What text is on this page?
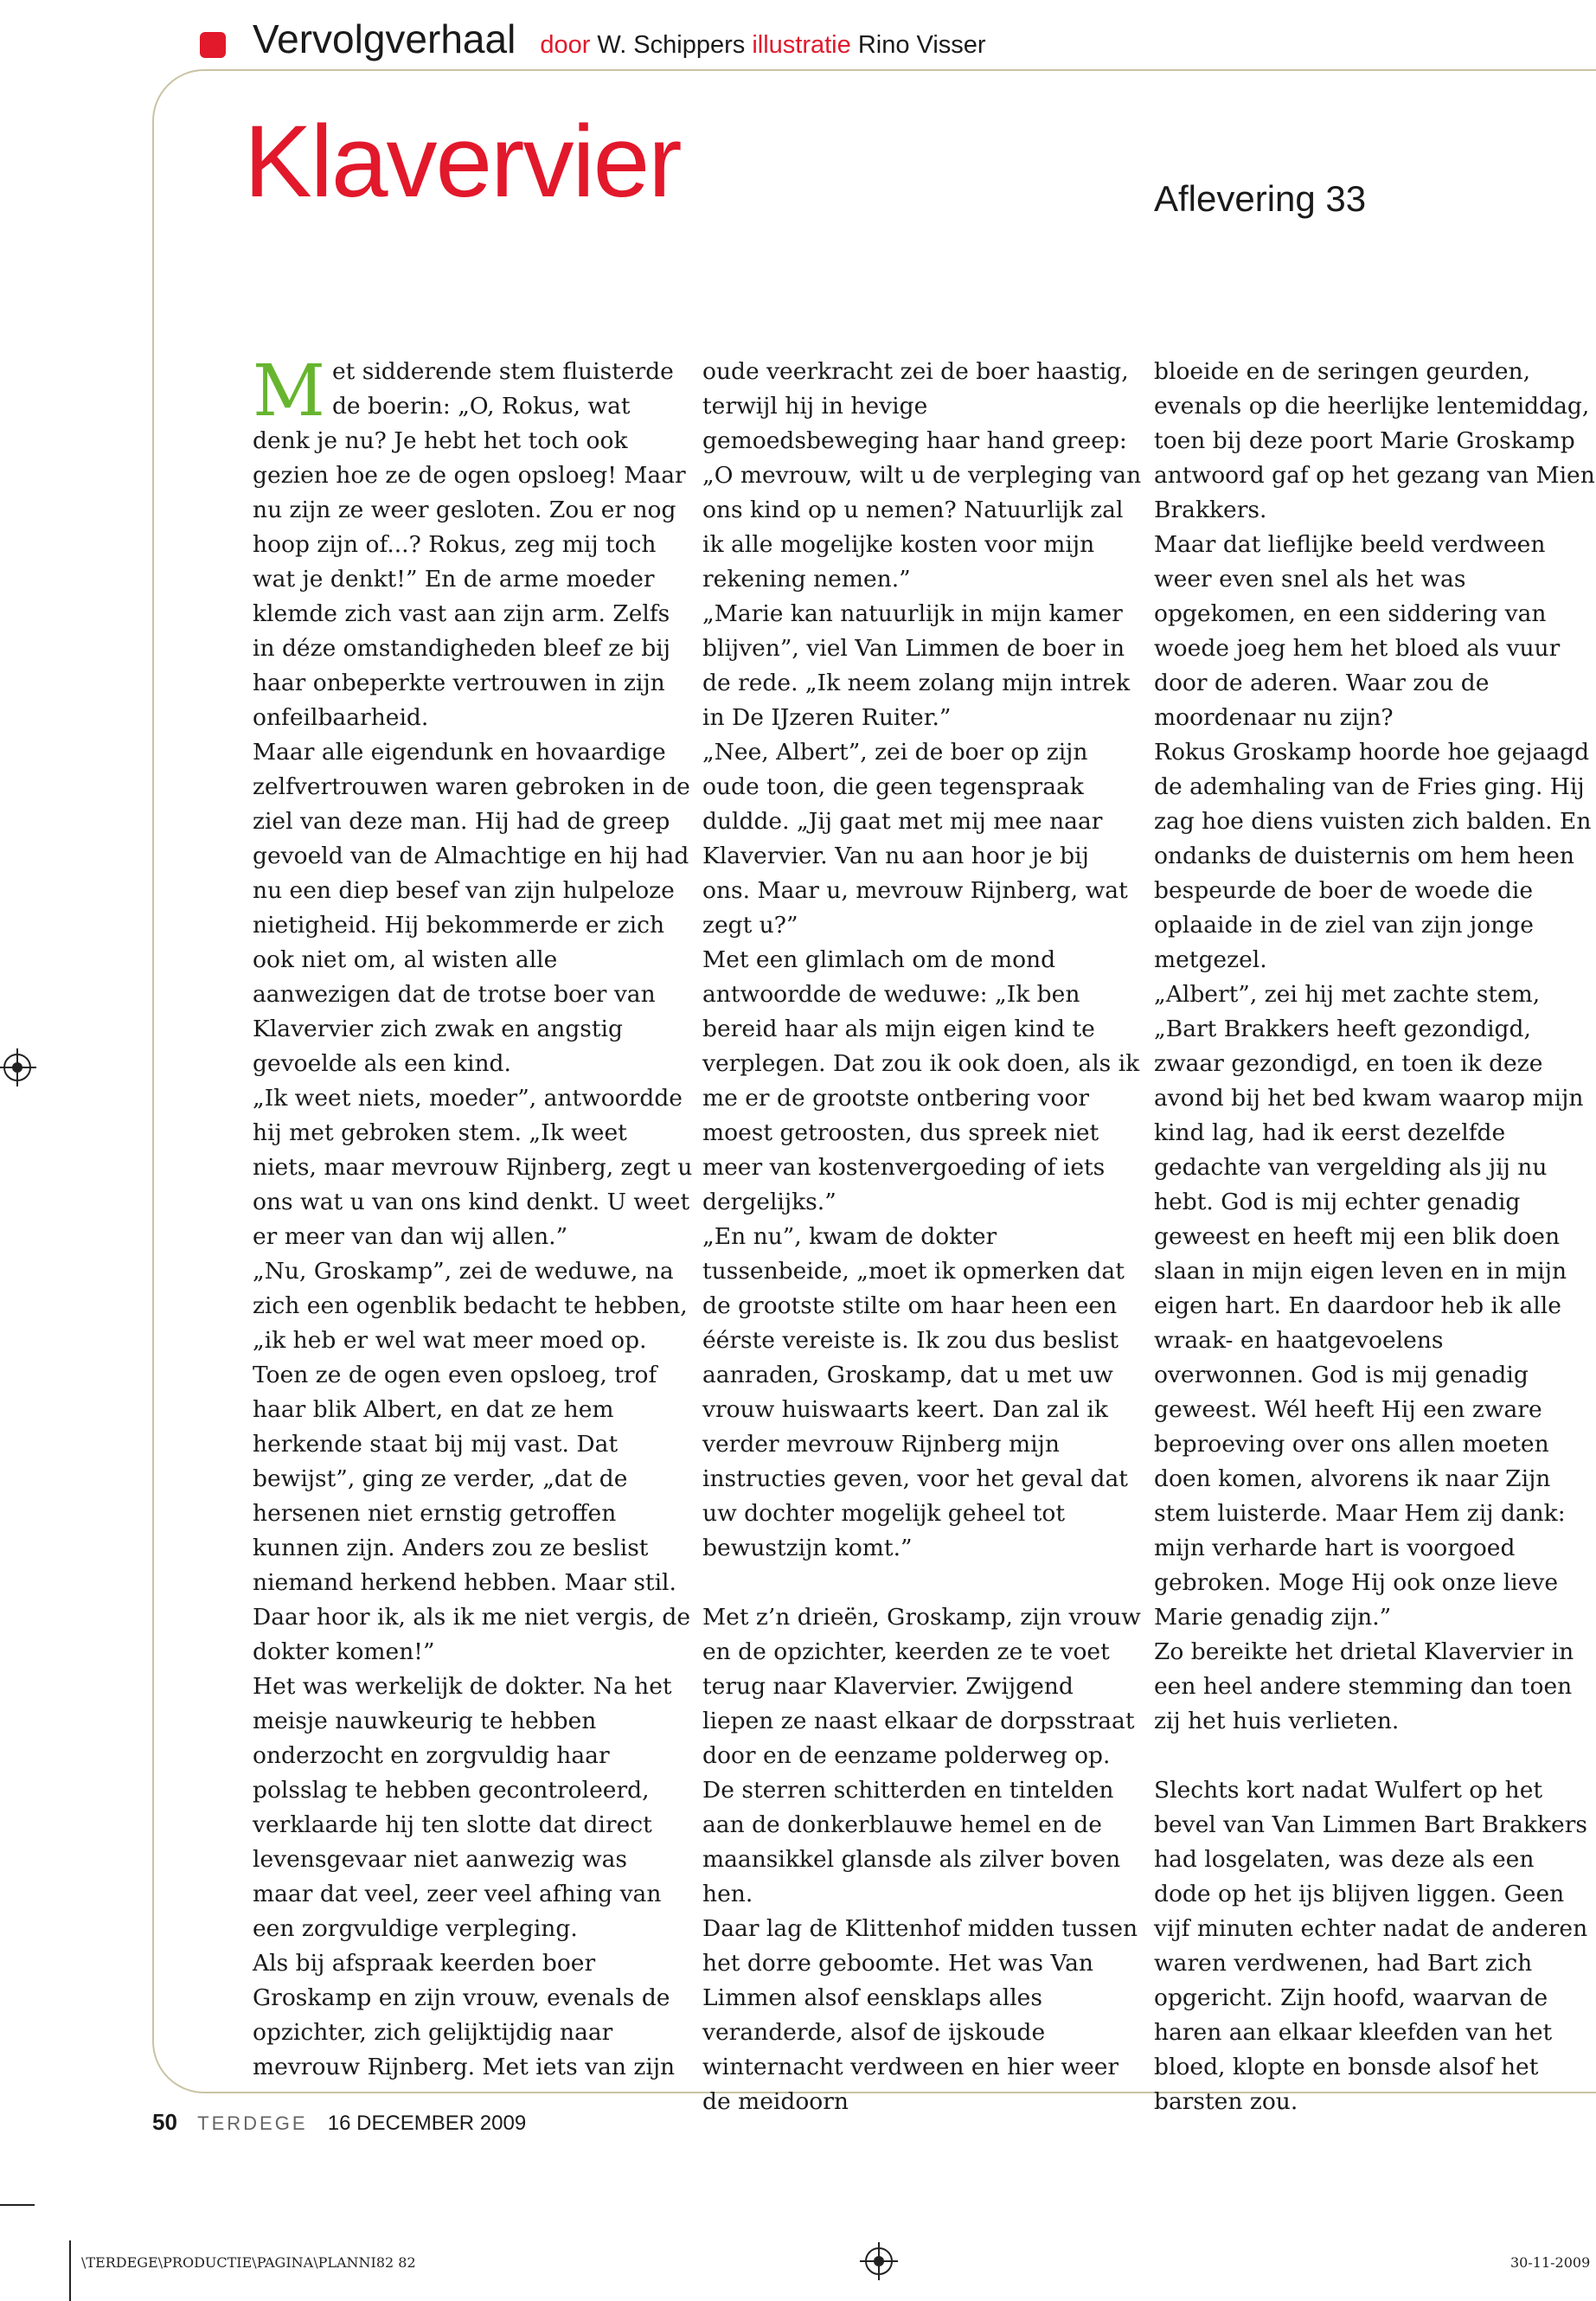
Vervolgverhaal door W. Schippers illustratie Rino Visser
Klavervier	Aflevering 33

Met sidderende stem fluisterde de boerin: „O, Rokus, wat denk je nu? Je hebt het toch ook gezien hoe ze de ogen opsloeg! Maar nu zijn ze weer gesloten. Zou er nog hoop zijn of...? Rokus, zeg mij toch wat je denkt!” En de arme moeder klemde zich vast aan zijn arm. Zelfs in déze omstandigheden bleef ze bij haar onbeperkte vertrouwen in zijn onfeilbaarheid.

Maar alle eigendunk en hovaardige zelfvertrouwen waren gebroken in de ziel van deze man. Hij had de greep gevoeld van de Almachtige en hij had nu een diep besef van zijn hulpeloze nietigheid. Hij bekommerde er zich ook niet om, al wisten alle aanwezigen dat de trotse boer van Klavervier zich zwak en angstig gevoelde als een kind.

„Ik weet niets, moeder”, antwoordde hij met gebroken stem. „Ik weet niets, maar mevrouw Rijnberg, zegt u ons wat u van ons kind denkt. U weet er meer van dan wij allen.”

„Nu, Groskamp”, zei de weduwe, na zich een ogenblik bedacht te hebben, „ik heb er wel wat meer moed op. Toen ze de ogen even opsloeg, trof haar blik Albert, en dat ze hem herkende staat bij mij vast. Dat bewijst”, ging ze verder, „dat de hersenen niet ernstig getroffen kunnen zijn. Anders zou ze beslist niemand herkend hebben. Maar stil. Daar hoor ik, als ik me niet vergis, de dokter komen!”

Het was werkelijk de dokter. Na het meisje nauwkeurig te hebben onderzocht en zorgvuldig haar polsslag te hebben gecontroleerd, verklaarde hij ten slotte dat direct levensgevaar niet aanwezig was maar dat veel, zeer veel afhing van een zorgvuldige verpleging.

Als bij afspraak keerden boer Groskamp en zijn vrouw, evenals de opzichter, zich gelijktijdig naar mevrouw Rijnberg. Met iets van zijn

oude veerkracht zei de boer haastig, terwijl hij in hevige gemoedsbeweging haar hand greep: „O mevrouw, wilt u de verpleging van ons kind op u nemen? Natuurlijk zal ik alle mogelijke kosten voor mijn rekening nemen.”

„Marie kan natuurlijk in mijn kamer blijven”, viel Van Limmen de boer in de rede. „Ik neem zolang mijn intrek in De IJzeren Ruiter.”

„Nee, Albert”, zei de boer op zijn oude toon, die geen tegenspraak duldde. „Jij gaat met mij mee naar Klavervier. Van nu aan hoor je bij ons. Maar u, mevrouw Rijnberg, wat zegt u?”

Met een glimlach om de mond antwoordde de weduwe: „Ik ben bereid haar als mijn eigen kind te verplegen. Dat zou ik ook doen, als ik me er de grootste ontbering voor moest getroosten, dus spreek niet meer van kostenvergoeding of iets dergelijks.”

„En nu”, kwam de dokter tussenbeide, „moet ik opmerken dat de grootste stilte om haar heen een éérste vereiste is. Ik zou dus beslist aanraden, Groskamp, dat u met uw vrouw huiswaarts keert. Dan zal ik verder mevrouw Rijnberg mijn instructies geven, voor het geval dat uw dochter mogelijk geheel tot bewustzijn komt.”

Met z’n drieën, Groskamp, zijn vrouw en de opzichter, keerden ze te voet terug naar Klavervier. Zwijgend liepen ze naast elkaar de dorpsstraat door en de eenzame polderweg op. De sterren schitterden en tintelden aan de donkerblauwe hemel en de maansikkel glansde als zilver boven hen.

Daar lag de Klittenhof midden tussen het dorre geboomte. Het was Van Limmen alsof eensklaps alles veranderde, alsof de ijskoude winternacht verdween en hier weer de meidoorn

bloeide en de seringen geurden, evenals op die heerlijke lentemiddag, toen bij deze poort Marie Groskamp antwoord gaf op het gezang van Mien Brakkers.

Maar dat lieflijke beeld verdween weer even snel als het was opgekomen, en een siddering van woede joeg hem het bloed als vuur door de aderen. Waar zou de moordenaar nu zijn?

Rokus Groskamp hoorde hoe gejaagd de ademhaling van de Fries ging. Hij zag hoe diens vuisten zich balden. En ondanks de duisternis om hem heen bespeurde de boer de woede die oplaaide in de ziel van zijn jonge metgezel.

„Albert”, zei hij met zachte stem, „Bart Brakkers heeft gezondigd, zwaar gezondigd, en toen ik deze avond bij het bed kwam waarop mijn kind lag, had ik eerst dezelfde gedachte van vergelding als jij nu hebt. God is mij echter genadig geweest en heeft mij een blik doen slaan in mijn eigen leven en in mijn eigen hart. En daardoor heb ik alle wraak- en haatgevoelens overwonnen. God is mij genadig geweest. Wél heeft Hij een zware beproeving over ons allen moeten doen komen, alvorens ik naar Zijn stem luisterde. Maar Hem zij dank: mijn verharde hart is voorgoed gebroken. Moge Hij ook onze lieve Marie genadig zijn.”

Zo bereikte het drietal Klavervier in een heel andere stemming dan toen zij het huis verlieten.

Slechts kort nadat Wulfert op het bevel van Van Limmen Bart Brakkers had losgelaten, was deze als een dode op het ijs blijven liggen. Geen vijf minuten echter nadat de anderen waren verdwenen, had Bart zich opgericht. Zijn hoofd, waarvan de haren aan elkaar kleefden van het bloed, klopte en bonsde alsof het barsten zou.

50 TERDEGE 16 DECEMBER 2009
\TERDEGE\PRODUCTIE\PAGINA\PLANNI82 82	30-11-2009
